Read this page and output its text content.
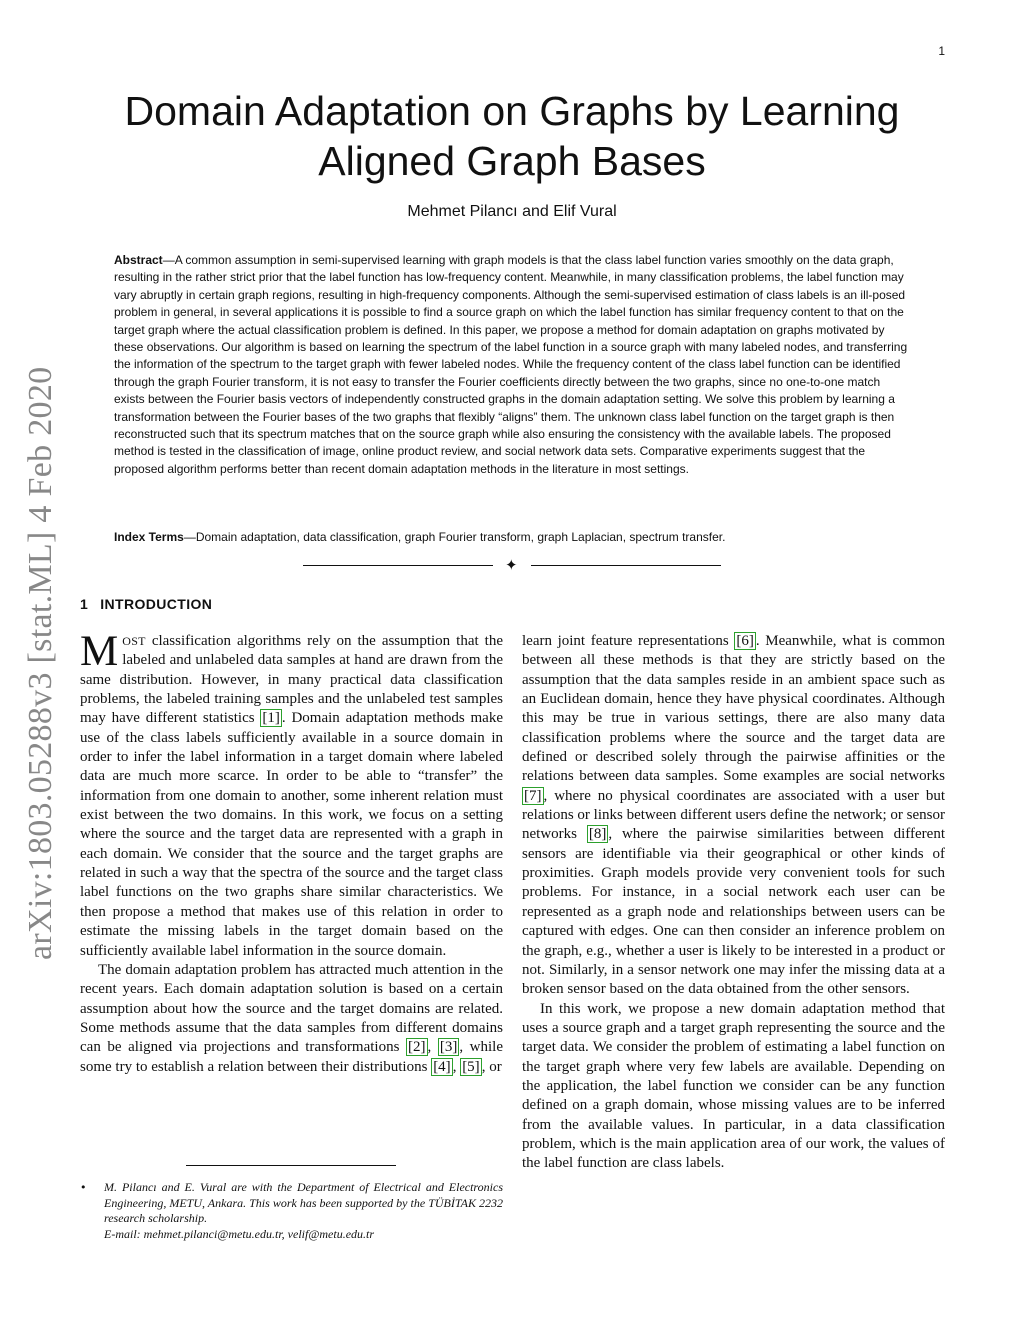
1
arXiv:1803.05288v3 [stat.ML] 4 Feb 2020
Domain Adaptation on Graphs by Learning Aligned Graph Bases
Mehmet Pilancı and Elif Vural

Abstract—A common assumption in semi-supervised learning with graph models is that the class label function varies smoothly on the data graph, resulting in the rather strict prior that the label function has low-frequency content. Meanwhile, in many classification problems, the label function may vary abruptly in certain graph regions, resulting in high-frequency components. Although the semi-supervised estimation of class labels is an ill-posed problem in general, in several applications it is possible to find a source graph on which the label function has similar frequency content to that on the target graph where the actual classification problem is defined. In this paper, we propose a method for domain adaptation on graphs motivated by these observations. Our algorithm is based on learning the spectrum of the label function in a source graph with many labeled nodes, and transferring the information of the spectrum to the target graph with fewer labeled nodes. While the frequency content of the class label function can be identified through the graph Fourier transform, it is not easy to transfer the Fourier coefficients directly between the two graphs, since no one-to-one match exists between the Fourier basis vectors of independently constructed graphs in the domain adaptation setting. We solve this problem by learning a transformation between the Fourier bases of the two graphs that flexibly “aligns” them. The unknown class label function on the target graph is then reconstructed such that its spectrum matches that on the source graph while also ensuring the consistency with the available labels. The proposed method is tested in the classification of image, online product review, and social network data sets. Comparative experiments suggest that the proposed algorithm performs better than recent domain adaptation methods in the literature in most settings.

Index Terms—Domain adaptation, data classification, graph Fourier transform, graph Laplacian, spectrum transfer.

✦
1 INTRODUCTION

MOST classification algorithms rely on the assumption that the labeled and unlabeled data samples at hand are drawn from the same distribution. However, in many practical data classification problems, the labeled training samples and the unlabeled test samples may have different statistics [1] . Domain adaptation methods make use of the class labels sufficiently available in a source domain in order to infer the label information in a target domain where labeled data are much more scarce. In order to be able to “transfer” the information from one domain to another, some inherent relation must exist between the two domains. In this work, we focus on a setting where the source and the target data are represented with a graph in each domain. We consider that the source and the target graphs are related in such a way that the spectra of the source and the target class label functions on the two graphs share similar characteristics. We then propose a method that makes use of this relation in order to estimate the missing labels in the target domain based on the sufficiently available label information in the source domain.

The domain adaptation problem has attracted much attention in the recent years. Each domain adaptation solution is based on a certain assumption about how the source and the target domains are related. Some methods assume that the data samples from different domains can be aligned via projections and transformations [2] , [3] , while some try to establish a relation between their distributions [4] , [5] , or

learn joint feature representations [6] . Meanwhile, what is common between all these methods is that they are strictly based on the assumption that the data samples reside in an ambient space such as an Euclidean domain, hence they have physical coordinates. Although this may be true in various settings, there are also many data classification problems where the source and the target data are defined or described solely through the pairwise affinities or the relations between data samples. Some examples are social networks [7] , where no physical coordinates are associated with a user but relations or links between different users define the network; or sensor networks [8] , where the pairwise similarities between different sensors are identifiable via their geographical or other kinds of proximities. Graph models provide very convenient tools for such problems. For instance, in a social network each user can be represented as a graph node and relationships between users can be captured with edges. One can then consider an inference problem on the graph, e.g., whether a user is likely to be interested in a product or not. Similarly, in a sensor network one may infer the missing data at a broken sensor based on the data obtained from the other sensors.

In this work, we propose a new domain adaptation method that uses a source graph and a target graph representing the source and the target data. We consider the problem of estimating a label function on the target graph where very few labels are available. Depending on the application, the label function we consider can be any function defined on a graph domain, whose missing values are to be inferred from the available values. In particular, in a data classification problem, which is the main application area of our work, the values of the label function are class labels.

• M. Pilancı and E. Vural are with the Department of Electrical and Electronics Engineering, METU, Ankara. This work has been supported by the TÜBİTAK 2232 research scholarship.
E-mail: mehmet.pilanci@metu.edu.tr, velif@metu.edu.tr
